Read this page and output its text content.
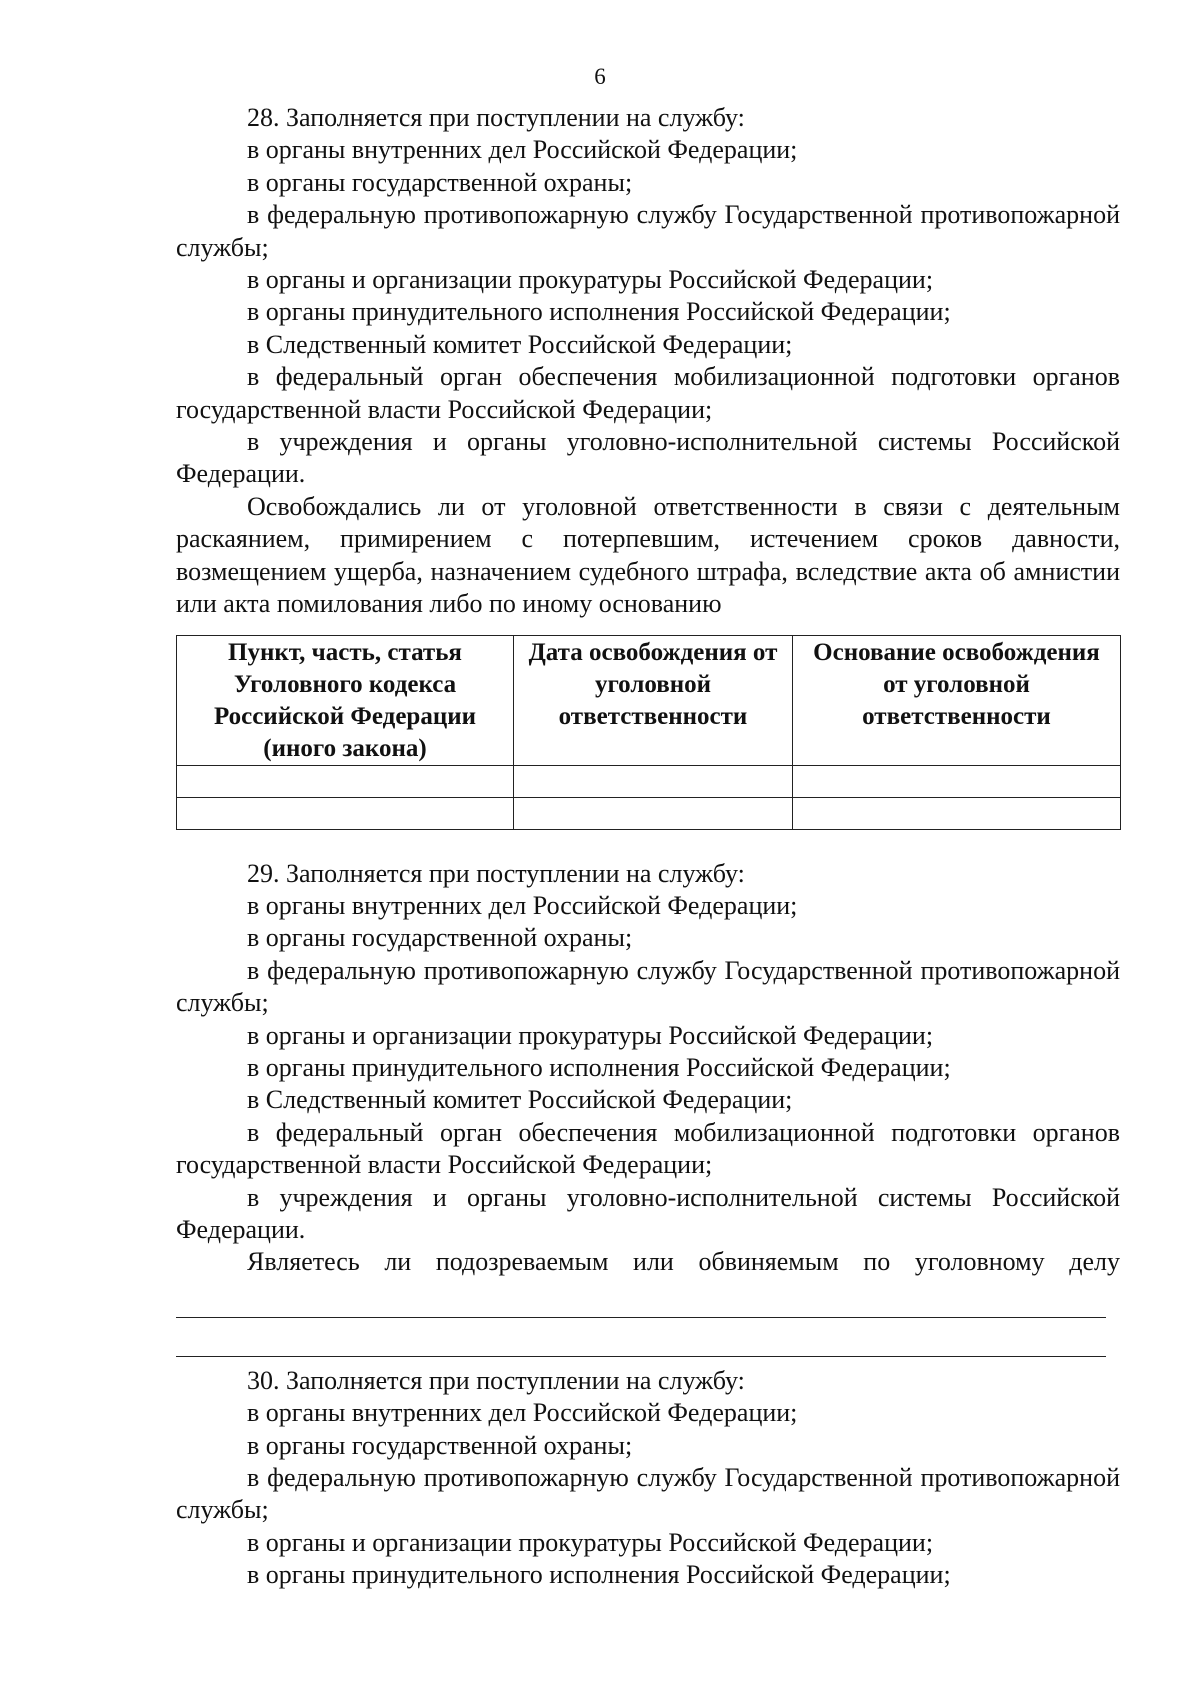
6

28. Заполняется при поступлении на службу:

в органы внутренних дел Российской Федерации;

в органы государственной охраны;

в федеральную противопожарную службу Государственной противопожарной службы;

в органы и организации прокуратуры Российской Федерации;

в органы принудительного исполнения Российской Федерации;

в Следственный комитет Российской Федерации;

в федеральный орган обеспечения мобилизационной подготовки органов государственной власти Российской Федерации;

в учреждения и органы уголовно-исполнительной системы Российской Федерации.

Освобождались ли от уголовной ответственности в связи с деятельным раскаянием, примирением с потерпевшим, истечением сроков давности, возмещением ущерба, назначением судебного штрафа, вследствие акта об амнистии или акта помилования либо по иному основанию

Пункт, часть, статья Уголовного кодекса Российской Федерации (иного закона)	Дата освобождения от уголовной ответственности	Основание освобождения от уголовной ответственности

29. Заполняется при поступлении на службу:

в органы внутренних дел Российской Федерации;

в органы государственной охраны;

в федеральную противопожарную службу Государственной противопожарной службы;

в органы и организации прокуратуры Российской Федерации;

в органы принудительного исполнения Российской Федерации;

в Следственный комитет Российской Федерации;

в федеральный орган обеспечения мобилизационной подготовки органов государственной власти Российской Федерации;

в учреждения и органы уголовно-исполнительной системы Российской Федерации.

Являетесь ли подозреваемым или обвиняемым по уголовному делу

30. Заполняется при поступлении на службу:

в органы внутренних дел Российской Федерации;

в органы государственной охраны;

в федеральную противопожарную службу Государственной противопожарной службы;

в органы и организации прокуратуры Российской Федерации;

в органы принудительного исполнения Российской Федерации;
